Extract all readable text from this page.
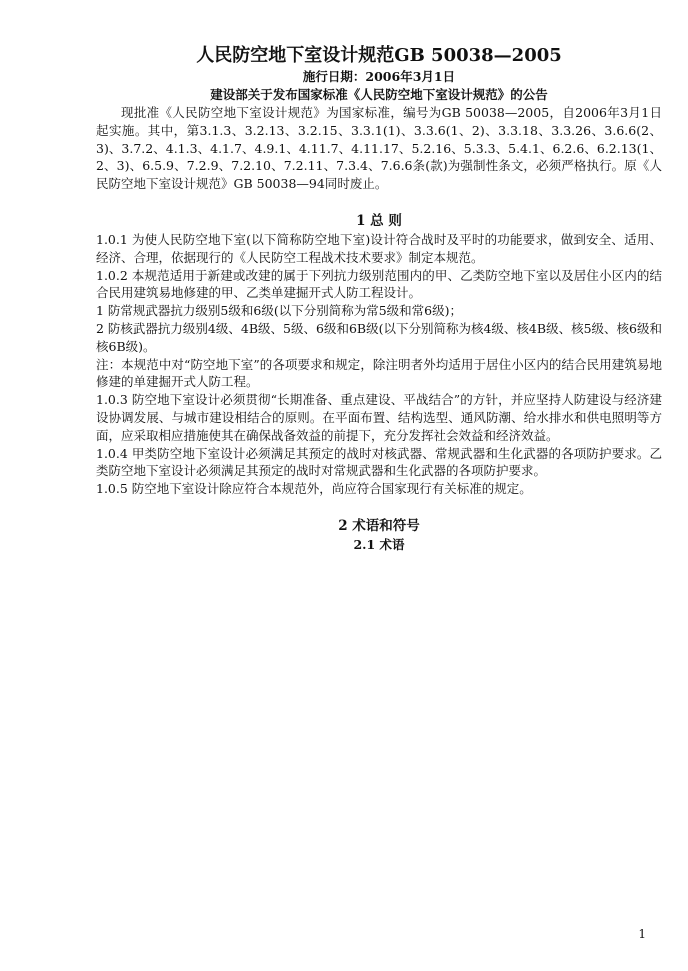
人民防空地下室设计规范GB 50038—2005

施行日期：2006年3月1日

建设部关于发布国家标准《人民防空地下室设计规范》的公告

现批准《人民防空地下室设计规范》为国家标准，编号为GB 50038—2005，自2006年3月1日起实施。其中，第3.1.3、3.2.13、3.2.15、3.3.1(1)、3.3.6(1、2)、3.3.18、3.3.26、3.6.6(2、3)、3.7.2、4.1.3、4.1.7、4.9.1、4.11.7、4.11.17、5.2.16、5.3.3、5.4.1、6.2.6、6.2.13(1、2、3)、6.5.9、7.2.9、7.2.10、7.2.11、7.3.4、7.6.6条(款)为强制性条文，必须严格执行。原《人民防空地下室设计规范》GB 50038—94同时废止。

1 总 则

1.0.1 为使人民防空地下室(以下简称防空地下室)设计符合战时及平时的功能要求，做到安全、适用、经济、合理，依据现行的《人民防空工程战术技术要求》制定本规范。

1.0.2 本规范适用于新建或改建的属于下列抗力级别范围内的甲、乙类防空地下室以及居住小区内的结合民用建筑易地修建的甲、乙类单建掘开式人防工程设计。

1 防常规武器抗力级别5级和6级(以下分别简称为常5级和常6级)；

2 防核武器抗力级别4级、4B级、5级、6级和6B级(以下分别简称为核4级、核4B级、核5级、核6级和核6B级)。

注：本规范中对“防空地下室”的各项要求和规定，除注明者外均适用于居住小区内的结合民用建筑易地修建的单建掘开式人防工程。

1.0.3 防空地下室设计必须贯彻“长期准备、重点建设、平战结合”的方针，并应坚持人防建设与经济建设协调发展、与城市建设相结合的原则。在平面布置、结构选型、通风防潮、给水排水和供电照明等方面，应采取相应措施使其在确保战备效益的前提下，充分发挥社会效益和经济效益。

1.0.4 甲类防空地下室设计必须满足其预定的战时对核武器、常规武器和生化武器的各项防护要求。乙类防空地下室设计必须满足其预定的战时对常规武器和生化武器的各项防护要求。

1.0.5 防空地下室设计除应符合本规范外，尚应符合国家现行有关标准的规定。

2 术语和符号
2.1 术语
1
